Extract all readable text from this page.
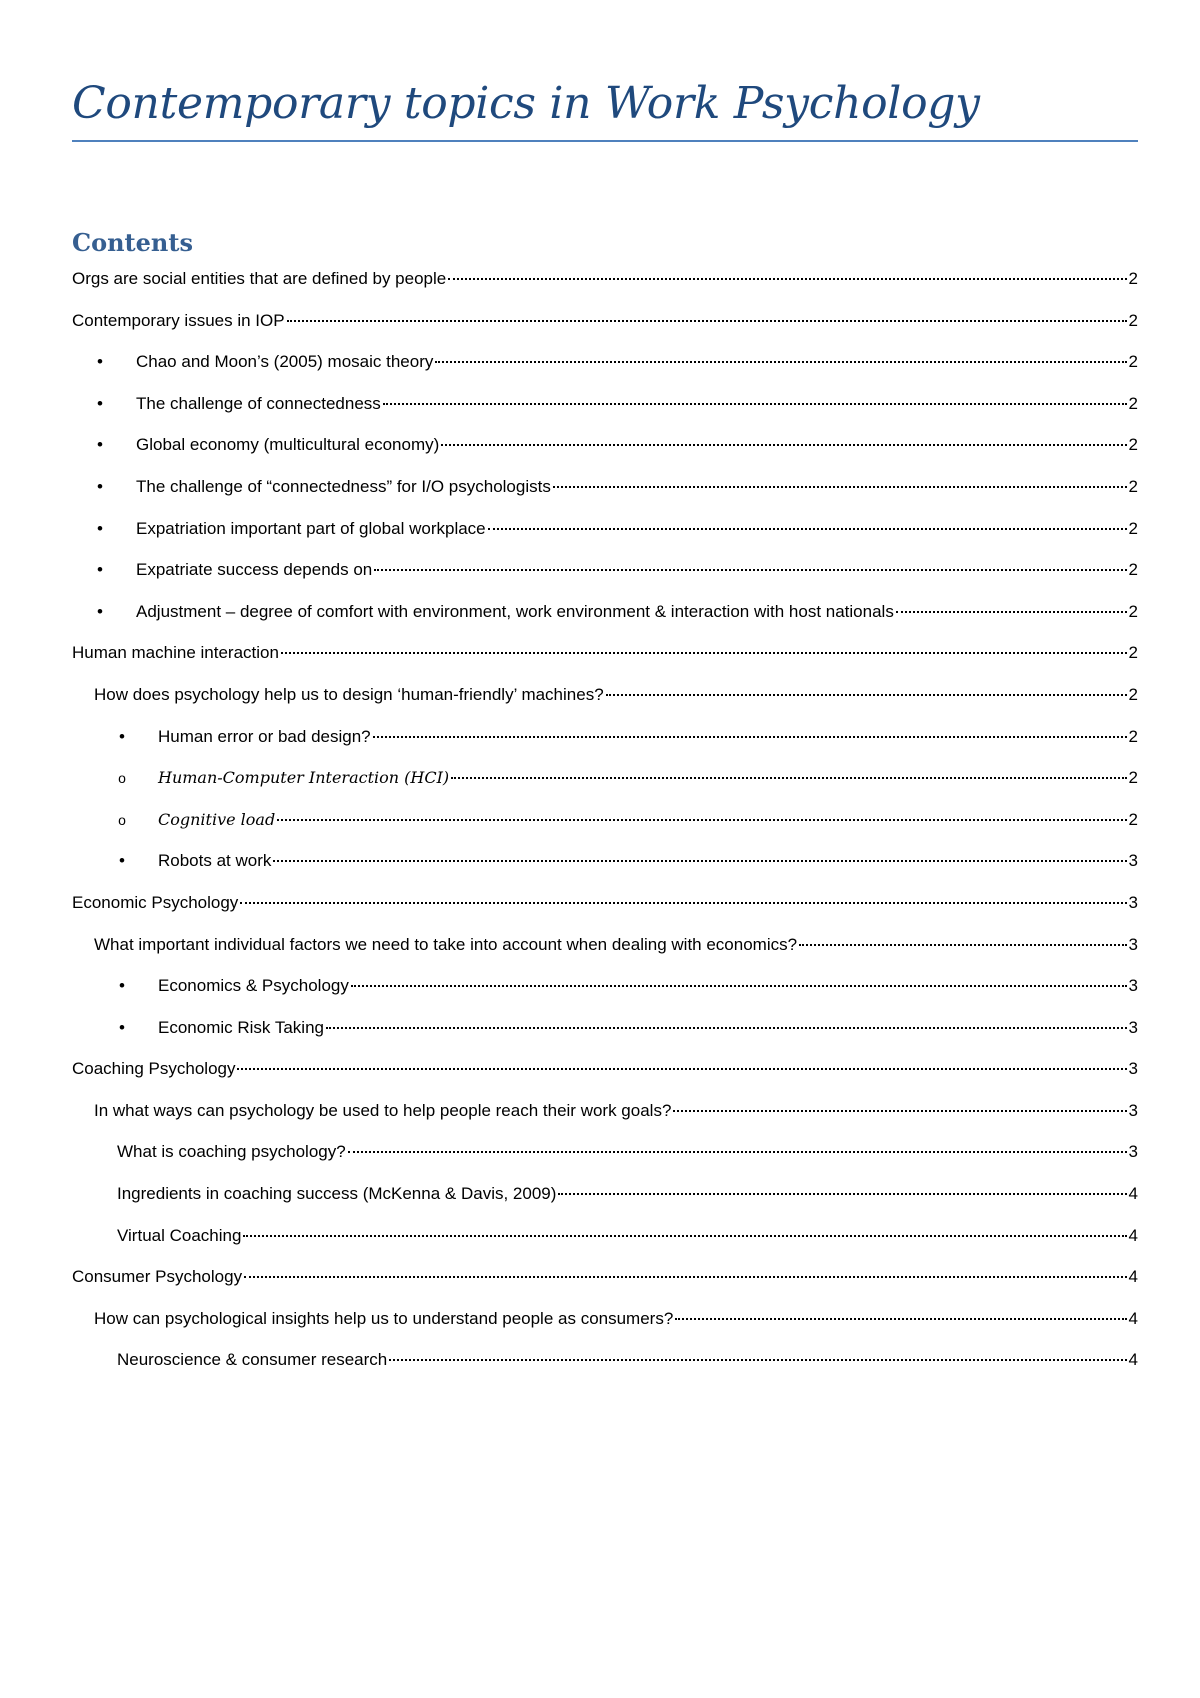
Contemporary topics in Work Psychology
Contents
Orgs are social entities that are defined by people	2
Contemporary issues in IOP	2
•	Chao and Moon’s (2005) mosaic theory	2
•	The challenge of connectedness	2
•	Global economy (multicultural economy)	2
•	The challenge of “connectedness” for I/O psychologists	2
•	Expatriation important part of global workplace	2
•	Expatriate success depends on	2
•	Adjustment – degree of comfort with environment, work environment & interaction with host nationals	2
Human machine interaction	2
How does psychology help us to design ‘human-friendly’ machines?	2
•	Human error or bad design?	2
o	Human-Computer Interaction (HCI)	2
o	Cognitive load	2
•	Robots at work	3
Economic Psychology	3
What important individual factors we need to take into account when dealing with economics?	3
•	Economics & Psychology	3
•	Economic Risk Taking	3
Coaching Psychology	3
In what ways can psychology be used to help people reach their work goals?	3
What is coaching psychology?	3
Ingredients in coaching success (McKenna & Davis, 2009)	4
Virtual Coaching	4
Consumer Psychology	4
How can psychological insights help us to understand people as consumers?	4
Neuroscience & consumer research	4
